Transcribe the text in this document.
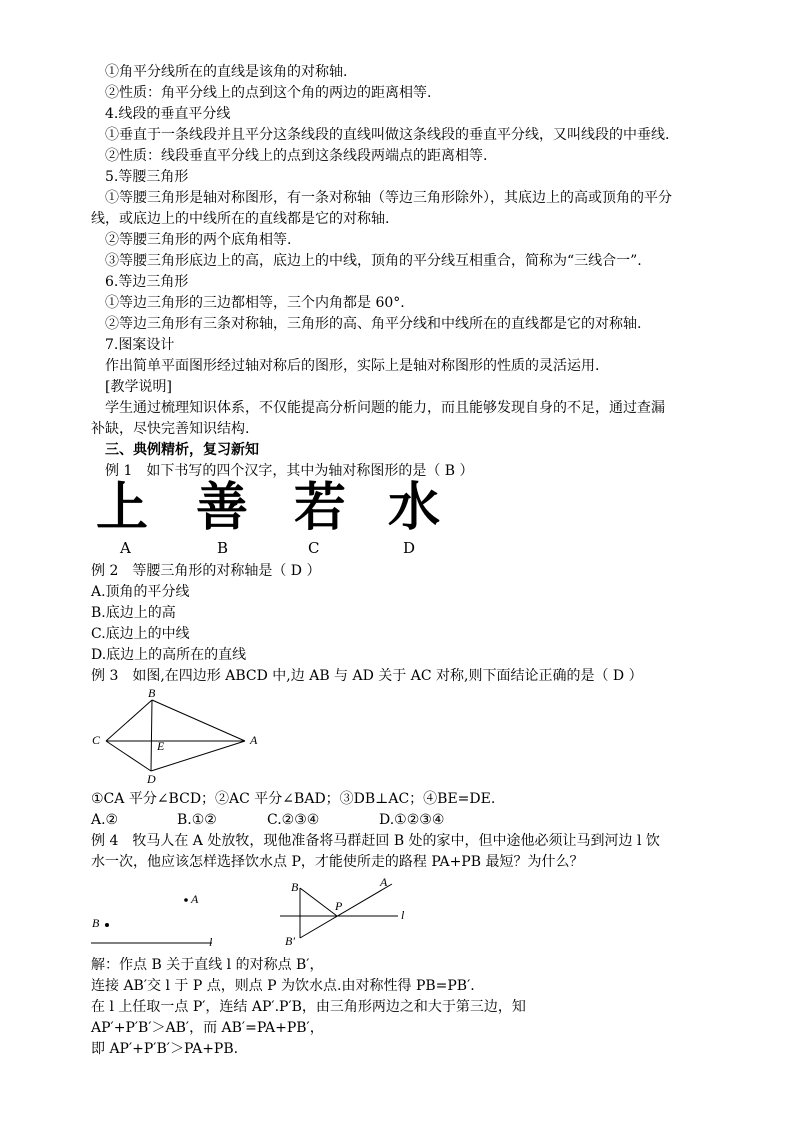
①角平分线所在的直线是该角的对称轴.
②性质：角平分线上的点到这个角的两边的距离相等.
4.线段的垂直平分线
①垂直于一条线段并且平分这条线段的直线叫做这条线段的垂直平分线，又叫线段的中垂线.
②性质：线段垂直平分线上的点到这条线段两端点的距离相等.
5.等腰三角形
①等腰三角形是轴对称图形，有一条对称轴（等边三角形除外），其底边上的高或顶角的平分
线，或底边上的中线所在的直线都是它的对称轴.
②等腰三角形的两个底角相等.
③等腰三角形底边上的高，底边上的中线，顶角的平分线互相重合，简称为“三线合一”.
6.等边三角形
①等边三角形的三边都相等，三个内角都是 60°.
②等边三角形有三条对称轴，三角形的高、角平分线和中线所在的直线都是它的对称轴.
7.图案设计
作出简单平面图形经过轴对称后的图形，实际上是轴对称图形的性质的灵活运用.
[教学说明]
学生通过梳理知识体系，不仅能提高分析问题的能力，而且能够发现自身的不足，通过查漏
补缺，尽快完善知识结构.
三、典例精析，复习新知
例 1　如下书写的四个汉字，其中为轴对称图形的是（ B ）
上 善 若 水
A	B	C	D
例 2　等腰三角形的对称轴是（ D ）
A.顶角的平分线
B.底边上的高
C.底边上的中线
D.底边上的高所在的直线
例 3　如图,在四边形 ABCD 中,边 AB 与 AD 关于 AC 对称,则下面结论正确的是（ D ）
B
C	E	A
D
①CA 平分∠BCD；②AC 平分∠BAD；③DB⊥AC；④BE=DE.
A.②	B.①②	C.②③④	D.①②③④
例 4　牧马人在 A 处放牧，现他准备将马群赶回 B 处的家中，但中途他必须让马到河边 l 饮
水一次，他应该怎样选择饮水点 P，才能使所走的路程 PA+PB 最短？为什么？
A
B
l
B	A
P
l
B′
解：作点 B 关于直线 l 的对称点 B′，
连接 AB′交 l 于 P 点，则点 P 为饮水点.由对称性得 PB=PB′.
在 l 上任取一点 P′，连结 AP′.P′B，由三角形两边之和大于第三边，知
AP′+P′B′＞AB′，而 AB′=PA+PB′，
即 AP′+P′B′＞PA+PB.
